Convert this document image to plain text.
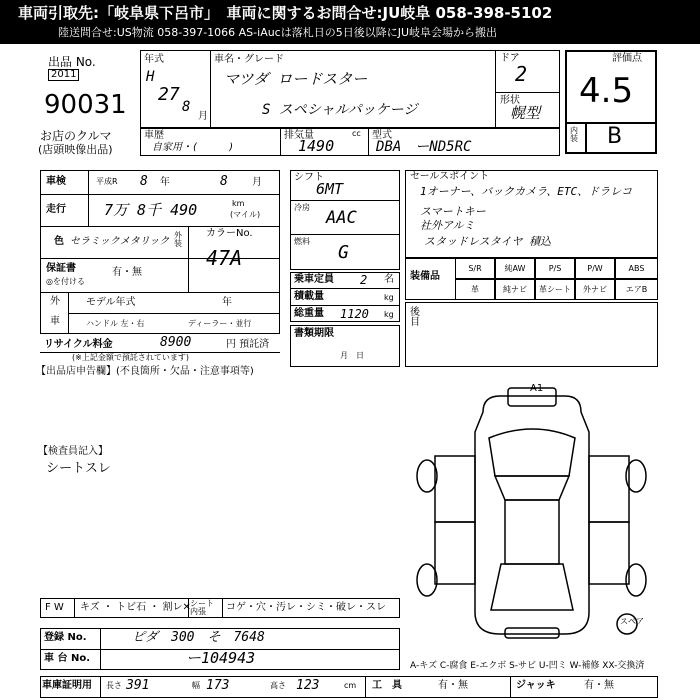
車両引取先:「岐阜県下呂市」　車両に関するお問合せ:JU岐阜 058-398-5102
陸送問合せ:US物流 058-397-1066 AS-iAucは落札日の5日後以降にJU岐阜会場から搬出
出品 No.
2011
90031
お店のクルマ
(店頭映像出品)
年式
H
27
8
月
車名・グレード
マツダ ロードスター
S スペシャルパッケージ
ドア
2
形状
幌型
評価点
4.5
内装 B
車歴
自家用・(　　　)
排気量
1490
cc 型式
DBA　ーND5RC
車検	平成R 8 年	8 月
走行	7万 8千 490	km
(マイル)
色 セラミックメタリック
外装
カラーNo.
47A
保証書
◎を付ける
有・無
外
車
モデル年式	年
ハンドル 左・右	ディーラー・並行
リサイクル料金	8900	円 預託済
(※上記金額で預託されています)
シフト
6MT
冷房
AAC
燃料
G
乗車定員 2 名
積載量	kg
総重量 1120 kg
書類期限
月　日
セールスポイント
1オーナー、バックカメラ、ETC、ドラレコ
スマートキー
社外アルミ
スタッドレスタイヤ 積込
装備品
S/R	純AW	P/S	P/W	ABS
革	純ナビ	革シート	外ナビ	エアB
後目
【出品店申告欄】(不良箇所・欠品・注意事項等)
【検査員記入】
シートスレ
A1
スペア
F W キズ ・ トビ石 ・ 割レ✕ シート 内張	コゲ・穴・汚レ・シミ・破レ・スレ
登録 No.	ピダ　300　そ　7648
車 台 No.	ー104943
車庫証明用 長さ 391	幅 173	高さ 123	cm 工　具	有・無	ジャッキ	有・無
A-キズ C-腐食 E-エクボ S-サビ U-凹ミ W-補修 XX-交換済
